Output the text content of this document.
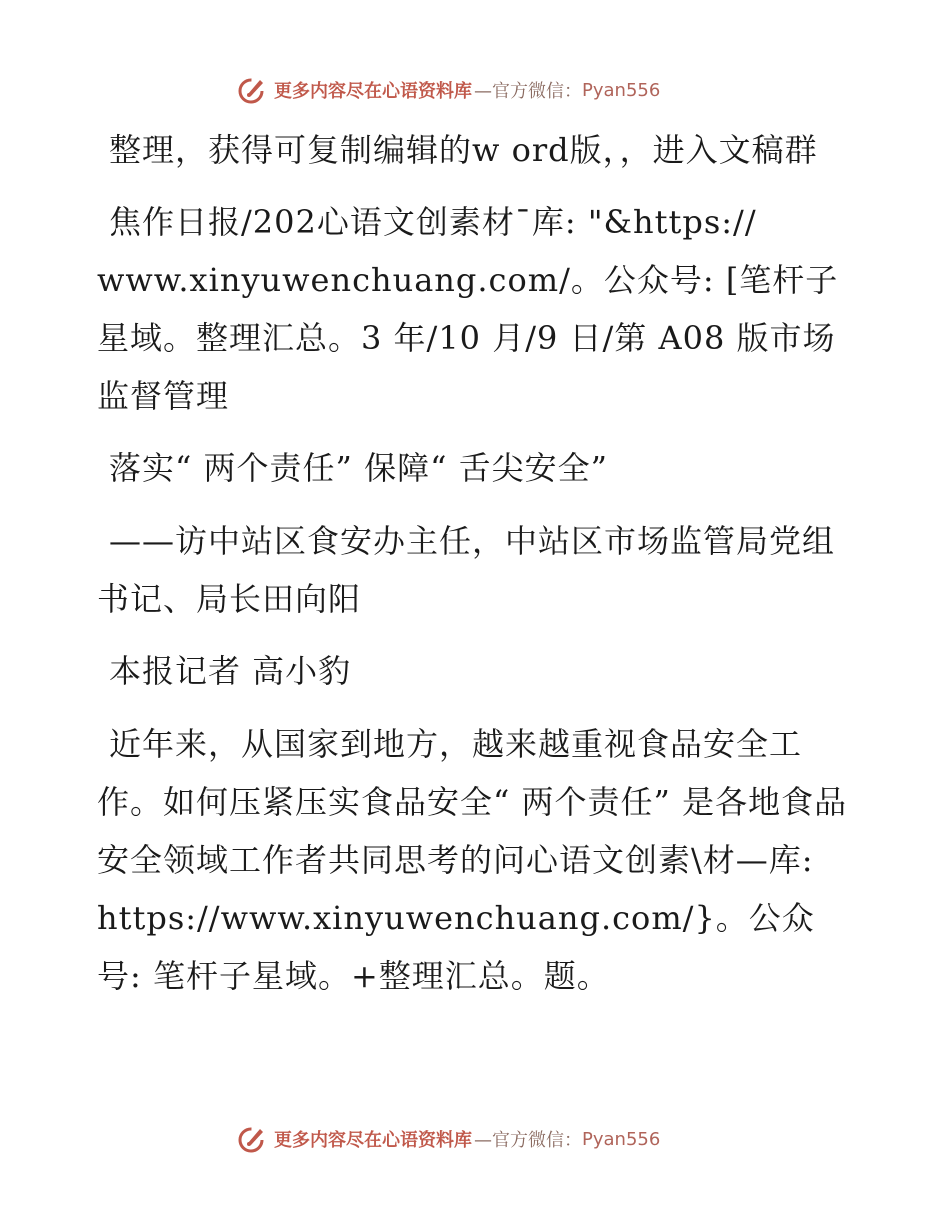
更多内容尽在心语资料库 —官方微信： Pyan556

整理，获得可复制编辑的w ord版，，进入文稿群

焦作日报/202心语文创素材¯库: "&https:// www.xinyuwenchuang.com/。公众号: [笔杆子星域。整理汇总。3 年/10 月/9 日/第 A08 版市场监督管理

落实“ 两个责任” 保障“ 舌尖安全”

——访中站区食安办主任，中站区市场监管局党组书记、局长田向阳

本报记者 高小豹

近年来，从国家到地方，越来越重视食品安全工作。如何压紧压实食品安全“ 两个责任” 是各地食品安全领域工作者共同思考的问心语文创素\材—库: https://www.xinyuwenchuang.com/}。公众号: 笔杆子星域。+整理汇总。题。

更多内容尽在心语资料库 —官方微信： Pyan556
